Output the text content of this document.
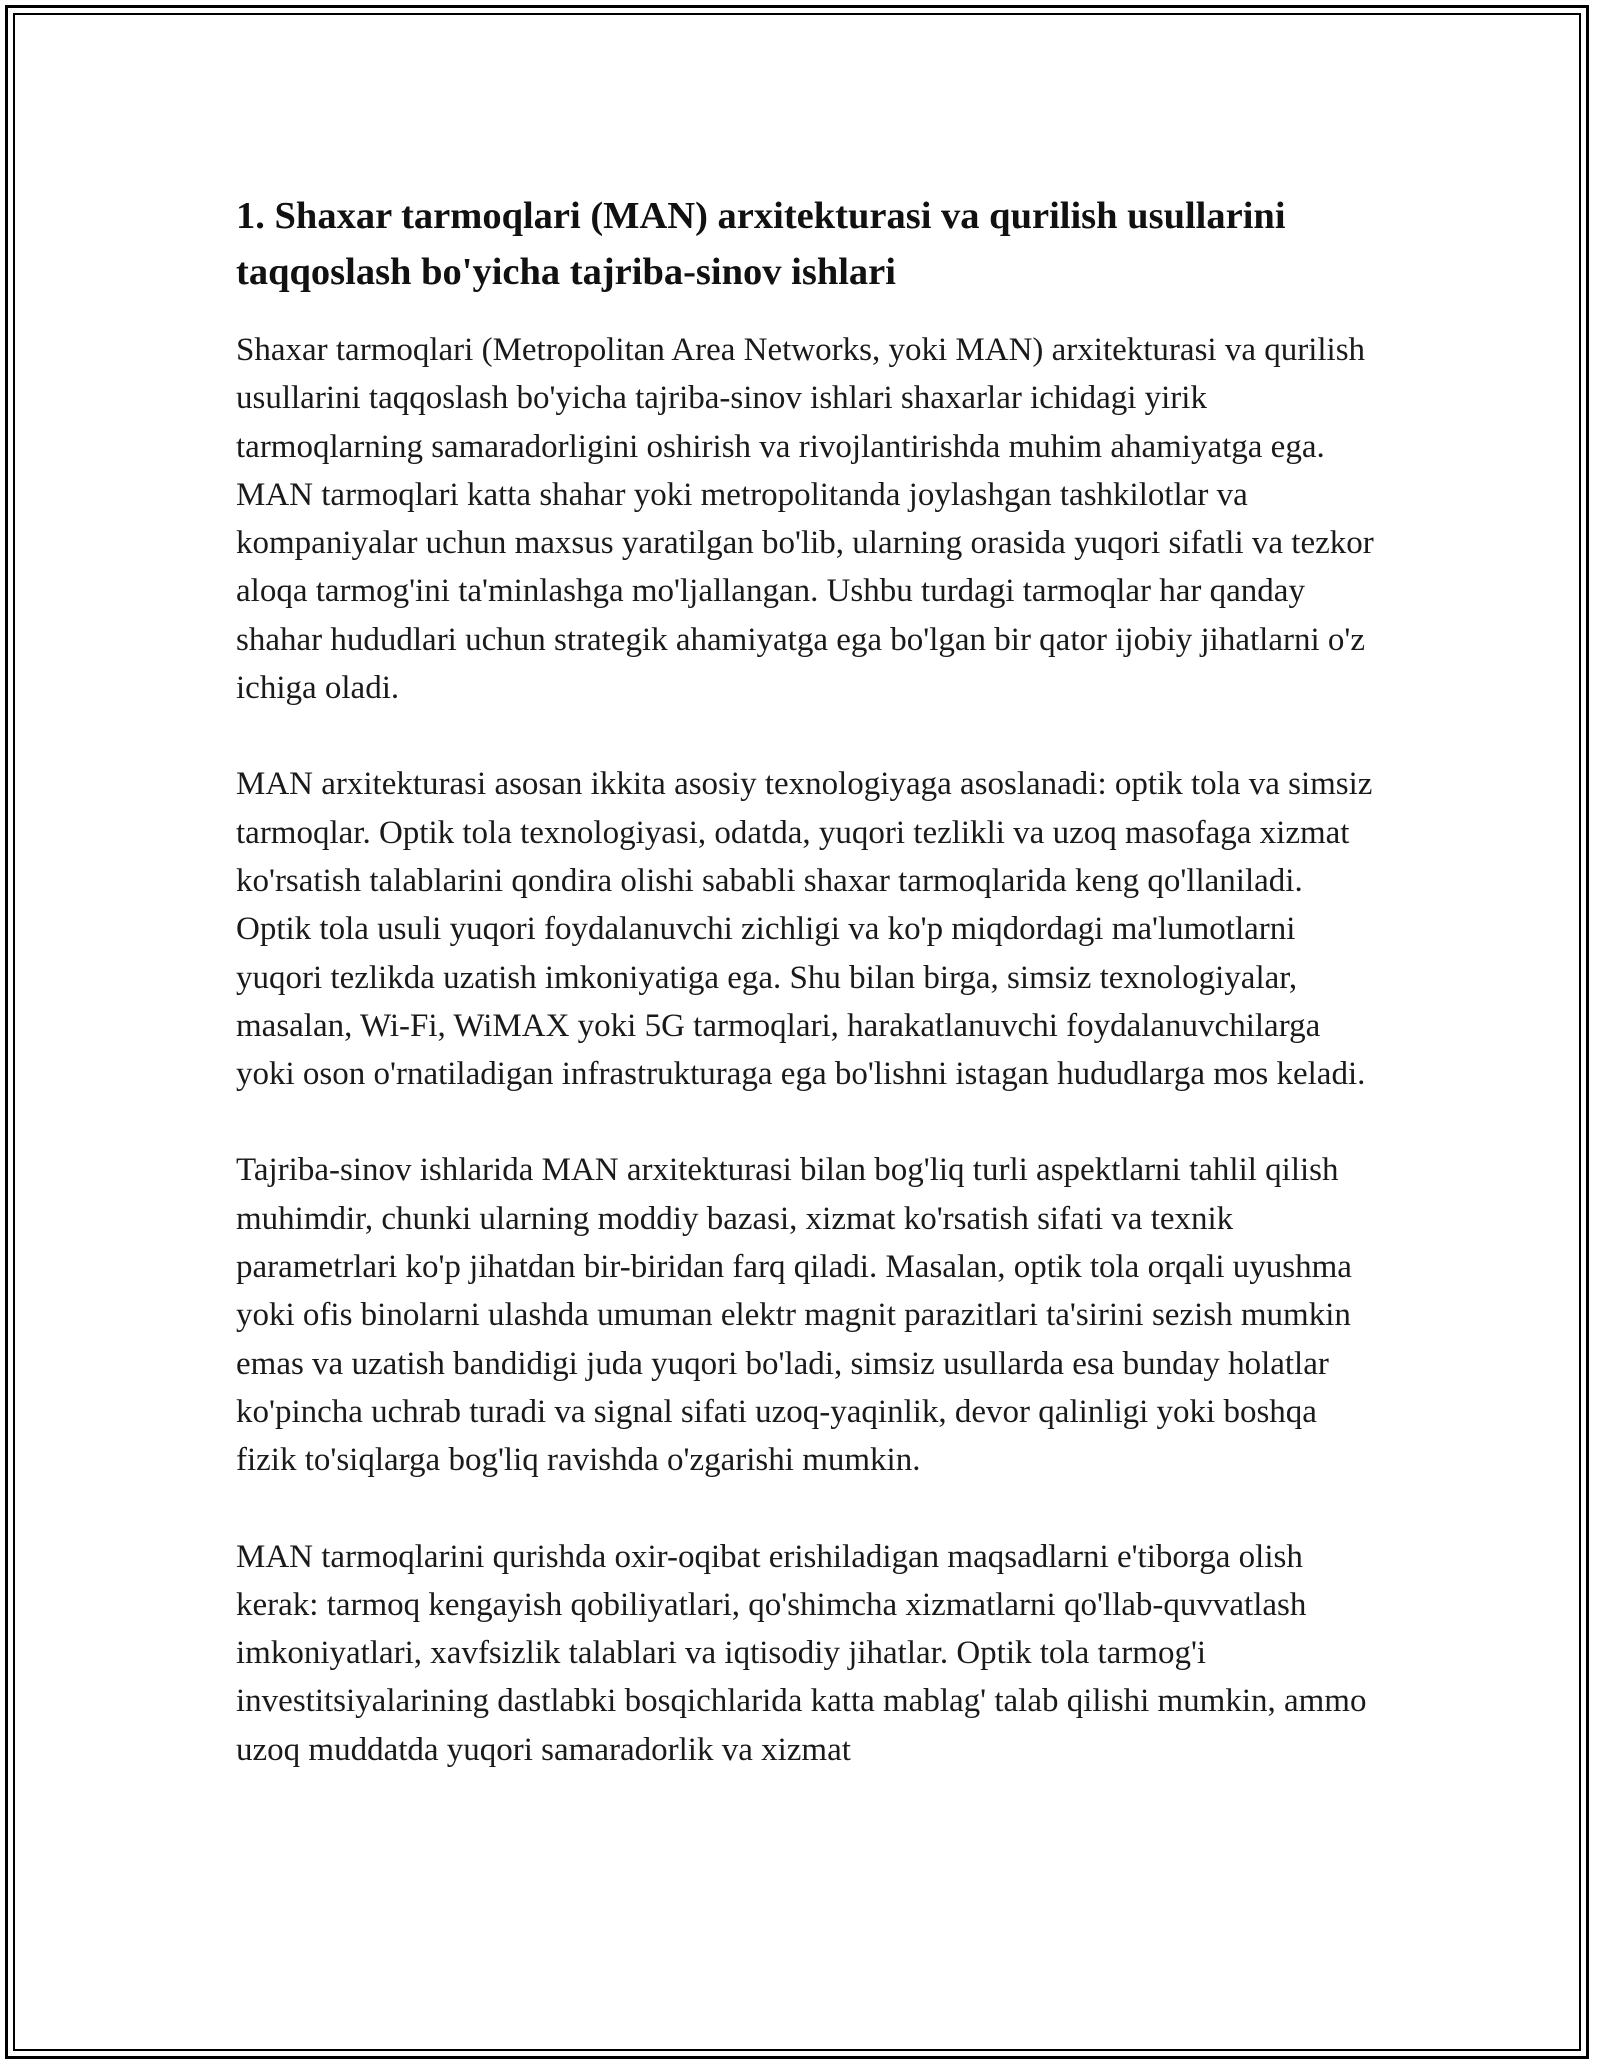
1. Shaxar tarmoqlari (MAN) arxitekturasi va qurilish usullarini taqqoslash bo'yicha tajriba-sinov ishlari

Shaxar tarmoqlari (Metropolitan Area Networks, yoki MAN) arxitekturasi va qurilish usullarini taqqoslash bo'yicha tajriba-sinov ishlari shaxarlar ichidagi yirik tarmoqlarning samaradorligini oshirish va rivojlantirishda muhim ahamiyatga ega. MAN tarmoqlari katta shahar yoki metropolitanda joylashgan tashkilotlar va kompaniyalar uchun maxsus yaratilgan bo'lib, ularning orasida yuqori sifatli va tezkor aloqa tarmog'ini ta'minlashga mo'ljallangan. Ushbu turdagi tarmoqlar har qanday shahar hududlari uchun strategik ahamiyatga ega bo'lgan bir qator ijobiy jihatlarni o'z ichiga oladi.

MAN arxitekturasi asosan ikkita asosiy texnologiyaga asoslanadi: optik tola va simsiz tarmoqlar. Optik tola texnologiyasi, odatda, yuqori tezlikli va uzoq masofaga xizmat ko'rsatish talablarini qondira olishi sababli shaxar tarmoqlarida keng qo'llaniladi. Optik tola usuli yuqori foydalanuvchi zichligi va ko'p miqdordagi ma'lumotlarni yuqori tezlikda uzatish imkoniyatiga ega. Shu bilan birga, simsiz texnologiyalar, masalan, Wi-Fi, WiMAX yoki 5G tarmoqlari, harakatlanuvchi foydalanuvchilarga yoki oson o'rnatiladigan infrastrukturaga ega bo'lishni istagan hududlarga mos keladi.

Tajriba-sinov ishlarida MAN arxitekturasi bilan bog'liq turli aspektlarni tahlil qilish muhimdir, chunki ularning moddiy bazasi, xizmat ko'rsatish sifati va texnik parametrlari ko'p jihatdan bir-biridan farq qiladi. Masalan, optik tola orqali uyushma yoki ofis binolarni ulashda umuman elektr magnit parazitlari ta'sirini sezish mumkin emas va uzatish bandidigi juda yuqori bo'ladi, simsiz usullarda esa bunday holatlar ko'pincha uchrab turadi va signal sifati uzoq-yaqinlik, devor qalinligi yoki boshqa fizik to'siqlarga bog'liq ravishda o'zgarishi mumkin.

MAN tarmoqlarini qurishda oxir-oqibat erishiladigan maqsadlarni e'tiborga olish kerak: tarmoq kengayish qobiliyatlari, qo'shimcha xizmatlarni qo'llab-quvvatlash imkoniyatlari, xavfsizlik talablari va iqtisodiy jihatlar. Optik tola tarmog'i investitsiyalarining dastlabki bosqichlarida katta mablag' talab qilishi mumkin, ammo uzoq muddatda yuqori samaradorlik va xizmat
